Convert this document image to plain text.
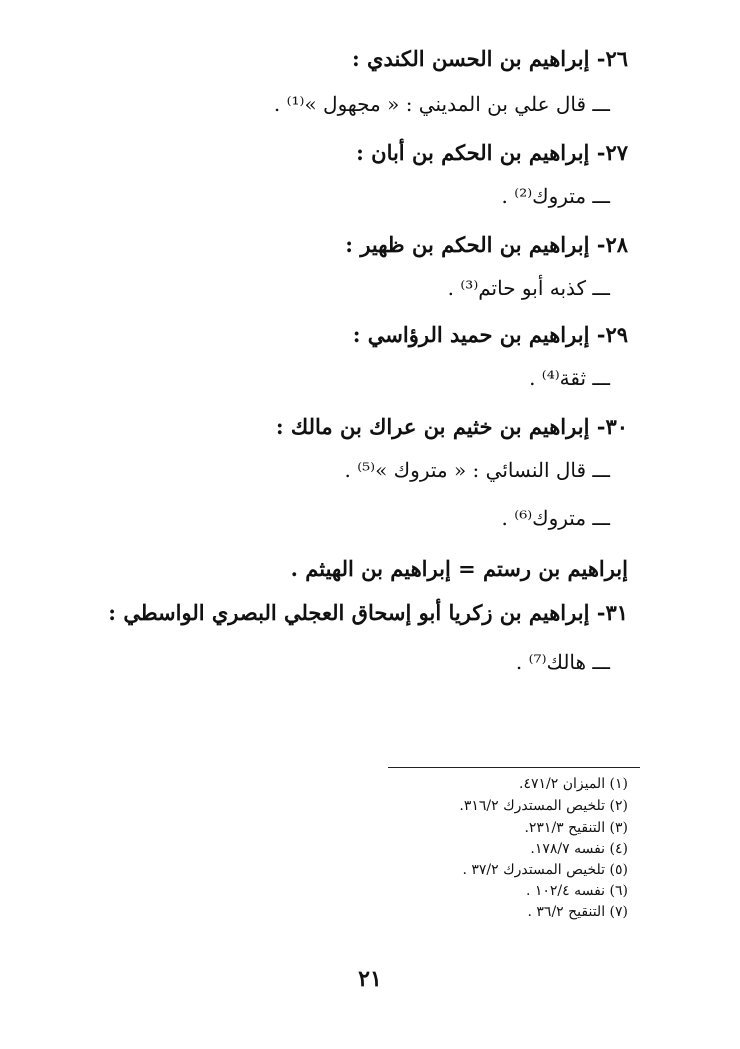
٢٦- إبراهيم بن الحسن الكندي :
ـــ قال علي بن المديني : « مجهول »⁽¹⁾ .
٢٧- إبراهيم بن الحكم بن أبان :
ـــ متروك⁽²⁾ .
٢٨- إبراهيم بن الحكم بن ظهير :
ـــ كذبه أبو حاتم⁽³⁾ .
٢٩- إبراهيم بن حميد الرؤاسي :
ـــ ثقة⁽⁴⁾ .
٣٠- إبراهيم بن خثيم بن عراك بن مالك :
ـــ قال النسائي : « متروك »⁽⁵⁾ .
ـــ متروك⁽⁶⁾ .
إبراهيم بن رستم = إبراهيم بن الهيثم .
٣١- إبراهيم بن زكريا أبو إسحاق العجلي البصري الواسطي :
ـــ هالك⁽⁷⁾ .
(١) الميزان ٤٧١/٢.
(٢) تلخيص المستدرك ٣١٦/٢.
(٣) التنقيح ٢٣١/٣.
(٤) نفسه ١٧٨/٧.
(٥) تلخيص المستدرك ٣٧/٢ .
(٦) نفسه ١٠٢/٤ .
(٧) التنقيح ٣٦/٢ .
٢١
